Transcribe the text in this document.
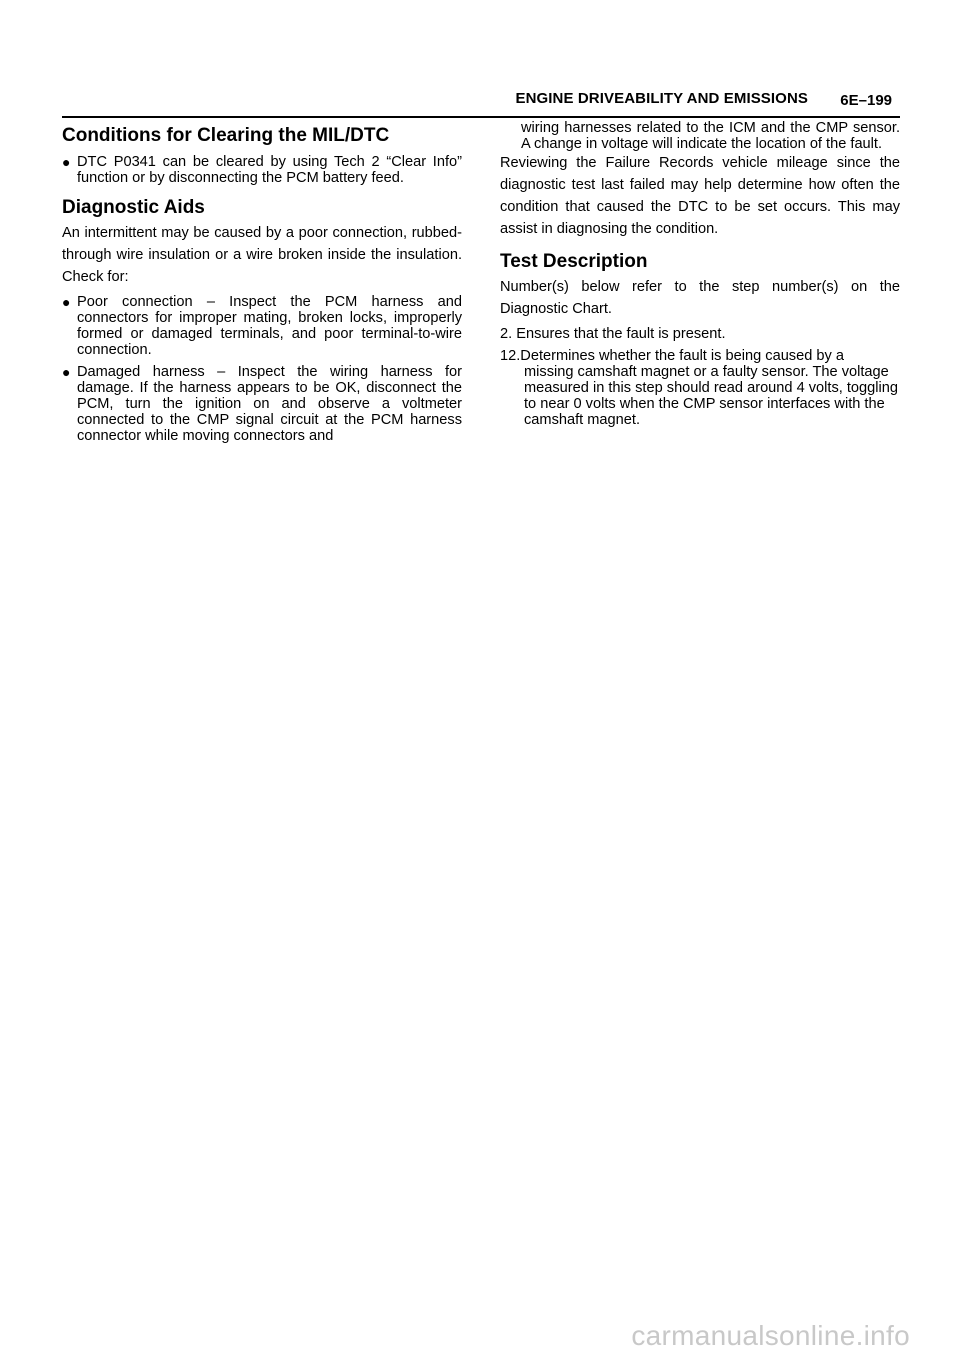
ENGINE DRIVEABILITY AND EMISSIONS 6E–199
Conditions for Clearing the MIL/DTC
● DTC P0341 can be cleared by using Tech 2 “Clear Info” function or by disconnecting the PCM battery feed.
Diagnostic Aids

An intermittent may be caused by a poor connection, rubbed-through wire insulation or a wire broken inside the insulation. Check for:

● Poor connection – Inspect the PCM harness and connectors for improper mating, broken locks, improperly formed or damaged terminals, and poor terminal-to-wire connection.
● Damaged harness – Inspect the wiring harness for damage. If the harness appears to be OK, disconnect the PCM, turn the ignition on and observe a voltmeter connected to the CMP signal circuit at the PCM harness connector while moving connectors and

wiring harnesses related to the ICM and the CMP sensor. A change in voltage will indicate the location of the fault.

Reviewing the Failure Records vehicle mileage since the diagnostic test last failed may help determine how often the condition that caused the DTC to be set occurs. This may assist in diagnosing the condition.

Test Description

Number(s) below refer to the step number(s) on the Diagnostic Chart.

2. Ensures that the fault is present.
12.Determines whether the fault is being caused by a
missing camshaft magnet or a faulty sensor. The voltage measured in this step should read around 4 volts, toggling to near 0 volts when the CMP sensor interfaces with the camshaft magnet.
carmanualsonline.info
